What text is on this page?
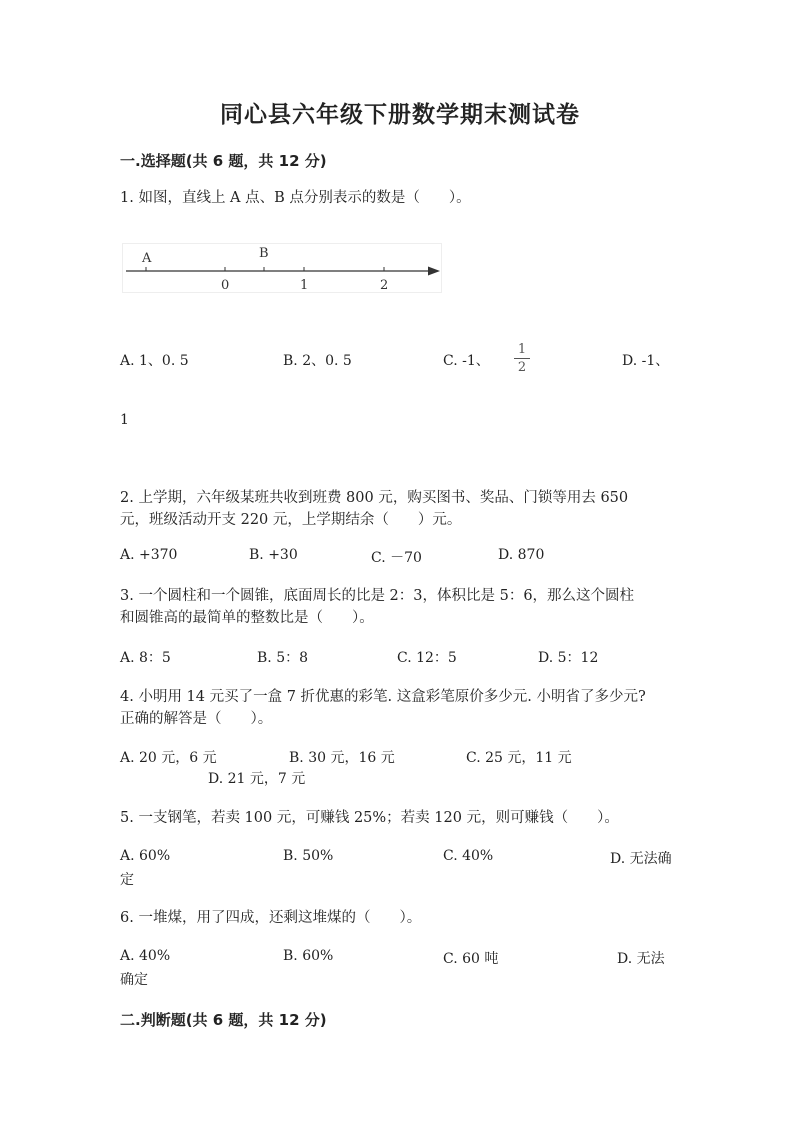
同心县六年级下册数学期末测试卷
一.选择题(共 6 题，共 12 分)
1. 如图，直线上 A 点、B 点分别表示的数是（　　）。
A	B
0	1	2
A. 1、0. 5	B. 2、0. 5	C. -1、
1
2	D. -1、
1
2. 上学期，六年级某班共收到班费 800 元，购买图书、奖品、门锁等用去 650
元，班级活动开支 220 元，上学期结余（　　）元。
A. +370	B. +30	C. －70	D. 870
3. 一个圆柱和一个圆锥，底面周长的比是 2：3，体积比是 5：6，那么这个圆柱
和圆锥高的最简单的整数比是（　　）。
A. 8：5	B. 5：8	C. 12：5	D. 5：12
4. 小明用 14 元买了一盒 7 折优惠的彩笔. 这盒彩笔原价多少元. 小明省了多少元?
正确的解答是（　　）。
A. 20 元，6 元	B. 30 元，16 元	C. 25 元，11 元
D. 21 元，7 元
5. 一支钢笔，若卖 100 元，可赚钱 25%；若卖 120 元，则可赚钱（　　）。
A. 60%	B. 50%	C. 40%	D. 无法确
定
6. 一堆煤，用了四成，还剩这堆煤的（　　）。
A. 40%	B. 60%	C. 60 吨	D. 无法
确定
二.判断题(共 6 题，共 12 分)
